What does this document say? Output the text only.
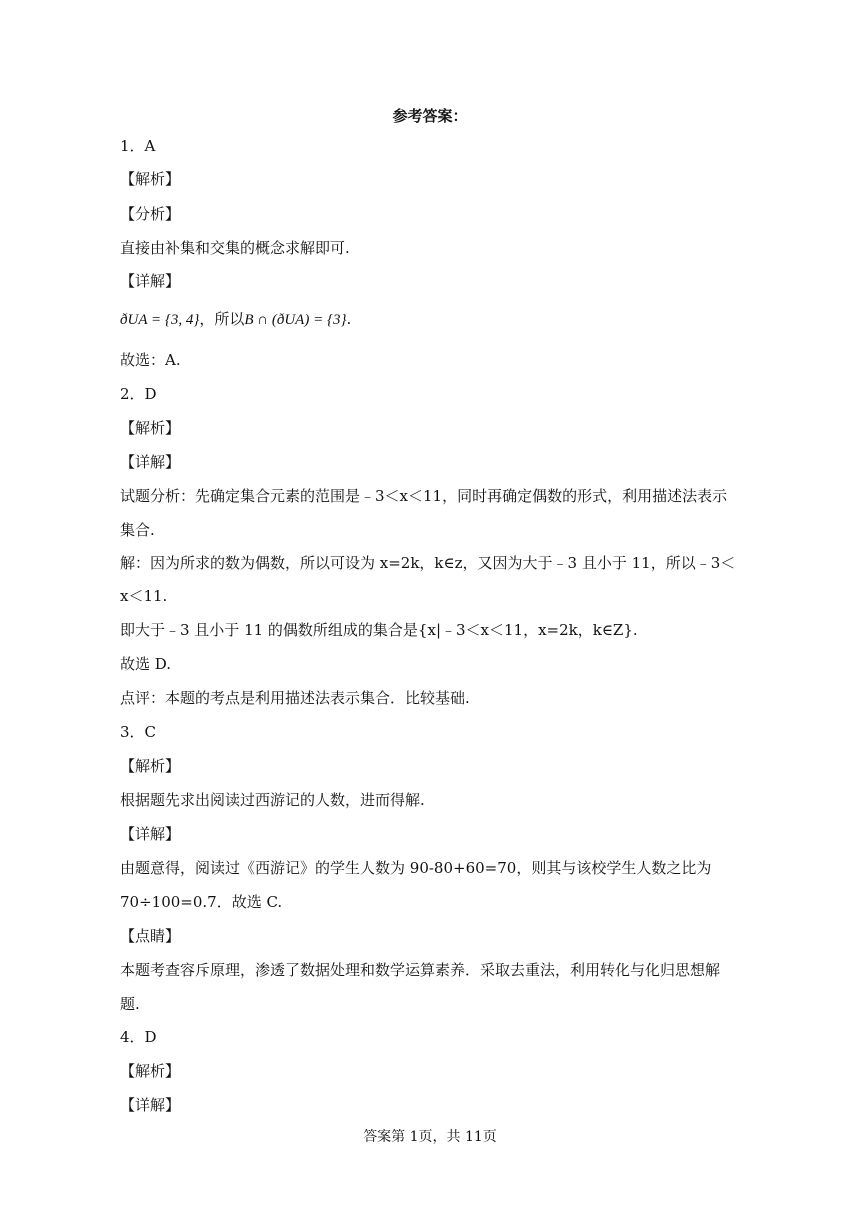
参考答案：
1．A
【解析】
【分析】
直接由补集和交集的概念求解即可.
【详解】
故选：A.
2．D
【解析】
【详解】
试题分析：先确定集合元素的范围是﹣3＜x＜11，同时再确定偶数的形式，利用描述法表示
集合.
解：因为所求的数为偶数，所以可设为 x=2k，k∈z，又因为大于﹣3 且小于 11，所以﹣3＜
x＜11.
即大于﹣3 且小于 11 的偶数所组成的集合是{x|﹣3＜x＜11，x=2k，k∈Z}.
故选 D.
点评：本题的考点是利用描述法表示集合．比较基础.
3．C
【解析】
根据题先求出阅读过西游记的人数，进而得解.
【详解】
由题意得，阅读过《西游记》的学生人数为 90-80+60=70，则其与该校学生人数之比为
70÷100=0.7．故选 C.
【点睛】
本题考查容斥原理，渗透了数据处理和数学运算素养．采取去重法，利用转化与化归思想解
题.
4．D
【解析】
【详解】
ðUA = {3, 4}，所以B ∩ (ðUA) = {3}.
答案第 1页，共 11页
